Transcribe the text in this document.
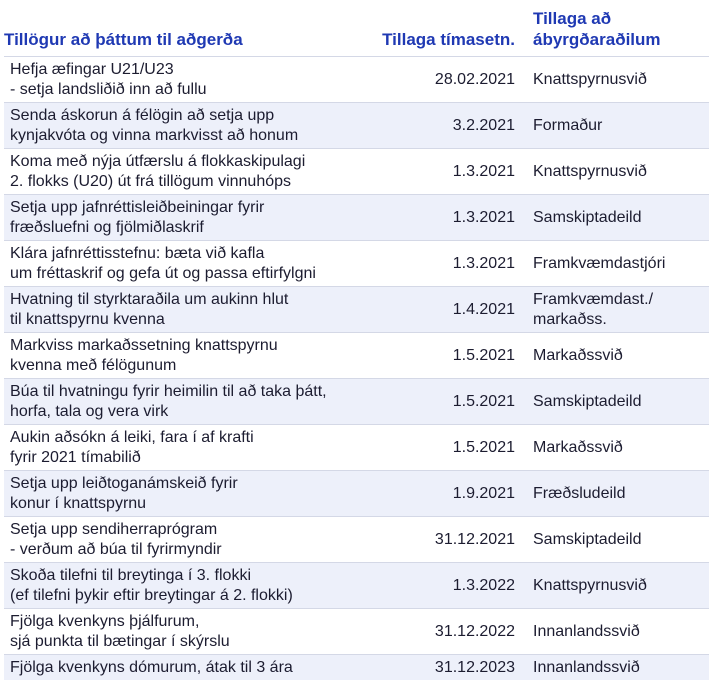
Tillögur að þáttum til aðgerða	Tillaga tímasetn.	Tillaga að
ábyrgðaraðilum
Hefja æfingar U21/U23
- setja landsliðið inn að fullu	28.02.2021	Knattspyrnusvið
Senda áskorun á félögin að setja upp
kynjakvóta og vinna markvisst að honum	3.2.2021	Formaður
Koma með nýja útfærslu á flokkaskipulagi
2. flokks (U20) út frá tillögum vinnuhóps	1.3.2021	Knattspyrnusvið
Setja upp jafnréttisleiðbeiningar fyrir
fræðsluefni og fjölmiðlaskrif	1.3.2021	Samskiptadeild
Klára jafnréttisstefnu: bæta við kafla
um fréttaskrif og gefa út og passa eftirfylgni	1.3.2021	Framkvæmdastjóri
Hvatning til styrktaraðila um aukinn hlut
til knattspyrnu kvenna	1.4.2021	Framkvæmdast./
markaðss.
Markviss markaðssetning knattspyrnu
kvenna með félögunum	1.5.2021	Markaðssvið
Búa til hvatningu fyrir heimilin til að taka þátt,
horfa, tala og vera virk	1.5.2021	Samskiptadeild
Aukin aðsókn á leiki, fara í af krafti
fyrir 2021 tímabilið	1.5.2021	Markaðssvið
Setja upp leiðtoganámskeið fyrir
konur í knattspyrnu	1.9.2021	Fræðsludeild
Setja upp sendiherraprógram
- verðum að búa til fyrirmyndir	31.12.2021	Samskiptadeild
Skoða tilefni til breytinga í 3. flokki
(ef tilefni þykir eftir breytingar á 2. flokki)	1.3.2022	Knattspyrnusvið
Fjölga kvenkyns þjálfurum,
sjá punkta til bætingar í skýrslu	31.12.2022	Innanlandssvið
Fjölga kvenkyns dómurum, átak til 3 ára	31.12.2023	Innanlandssvið
